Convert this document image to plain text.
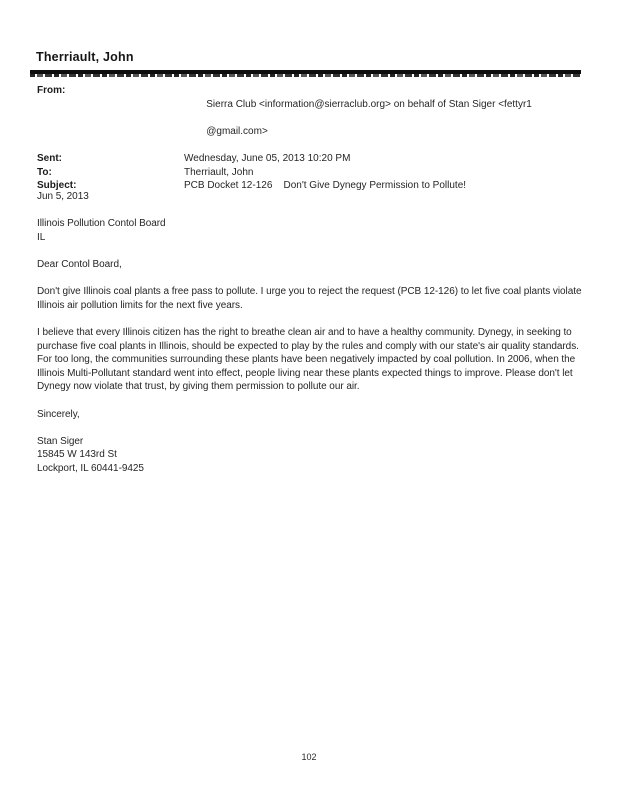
Therriault, John
From:

Sierra Club <information@sierraclub.org> on behalf of Stan Siger <fettyr1

@gmail.com>

Sent:	Wednesday, June 05, 2013 10:20 PM
To:	Therriault, John
Subject:	PCB Docket 12-126    Don't Give Dynegy Permission to Pollute!
Jun 5, 2013
Illinois Pollution Contol Board
IL
Dear Contol Board,

Don't give Illinois coal plants a free pass to pollute. I urge you to reject the request (PCB 12-126) to let five coal plants violate Illinois air pollution limits for the next five years.

I believe that every Illinois citizen has the right to breathe clean air and to have a healthy community. Dynegy, in seeking to purchase five coal plants in Illinois, should be expected to play by the rules and comply with our state's air quality standards. For too long, the communities surrounding these plants have been negatively impacted by coal pollution. In 2006, when the Illinois Multi-Pollutant standard went into effect, people living near these plants expected things to improve. Please don't let Dynegy now violate that trust, by giving them permission to pollute our air.

Sincerely,
Stan Siger
15845 W 143rd St
Lockport, IL 60441-9425
102
